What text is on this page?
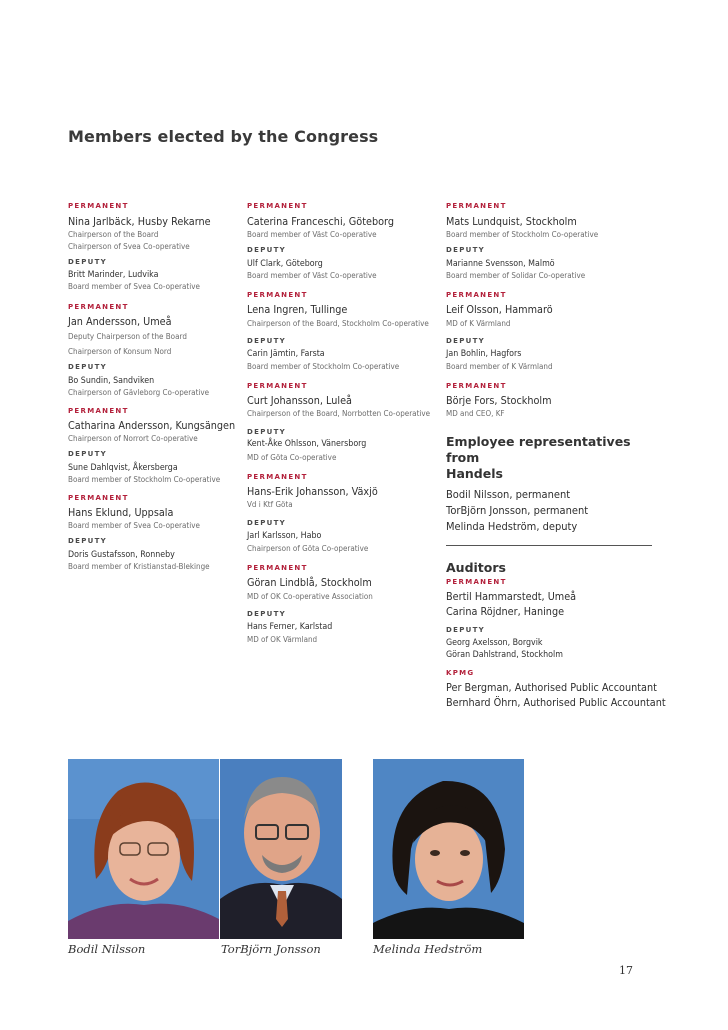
Members elected by the Congress
PERMANENT
Nina Jarlbäck, Husby Rekarne
Chairperson of the Board
Chairperson of Svea Co-operative
DEPUTY
Britt Marinder, Ludvika
Board member of Svea Co-operative
PERMANENT
Jan Andersson, Umeå
Deputy Chairperson of the Board
Chairperson of Konsum Nord
DEPUTY
Bo Sundin, Sandviken
Chairperson of Gävleborg Co-operative
PERMANENT
Catharina Andersson, Kungsängen
Chairperson of Norrort Co-operative
DEPUTY
Sune Dahlqvist, Åkersberga
Board member of Stockholm Co-operative
PERMANENT
Hans Eklund, Uppsala
Board member of Svea Co-operative
DEPUTY
Doris Gustafsson, Ronneby
Board member of Kristianstad-Blekinge
PERMANENT
Caterina Franceschi, Göteborg
Board member of Väst Co-operative
DEPUTY
Ulf Clark, Göteborg
Board member of Väst Co-operative
PERMANENT
Lena Ingren, Tullinge
Chairperson of the Board, Stockholm Co-operative
DEPUTY
Carin Jämtin, Farsta
Board member of Stockholm Co-operative
PERMANENT
Curt Johansson, Luleå
Chairperson of the Board, Norrbotten Co-operative
DEPUTY
Kent-Åke Ohlsson, Vänersborg
MD of Göta Co-operative
PERMANENT
Hans-Erik Johansson, Växjö
Vd i Ktf Göta
DEPUTY
Jarl Karlsson, Habo
Chairperson of Göta Co-operative
PERMANENT
Göran Lindblå, Stockholm
MD of OK Co-operative Association
DEPUTY
Hans Ferner, Karlstad
MD of OK Värmland
PERMANENT
Mats Lundquist, Stockholm
Board member of Stockholm Co-operative
DEPUTY
Marianne Svensson, Malmö
Board member of Solidar Co-operative
PERMANENT
Leif Olsson, Hammarö
MD of K Värmland
DEPUTY
Jan Bohlin, Hagfors
Board member of K Värmland
PERMANENT
Börje Fors, Stockholm
MD and CEO, KF
Employee representatives from
Handels
Bodil Nilsson, permanent
TorBjörn Jonsson, permanent
Melinda Hedström, deputy
Auditors
PERMANENT
Bertil Hammarstedt, Umeå
Carina Röjdner, Haninge
DEPUTY
Georg Axelsson, Borgvik
Göran Dahlstrand, Stockholm
KPMG
Per Bergman, Authorised Public Accountant
Bernhard Öhrn, Authorised Public Accountant
Bodil Nilsson	TorBjörn Jonsson	Melinda Hedström
17
